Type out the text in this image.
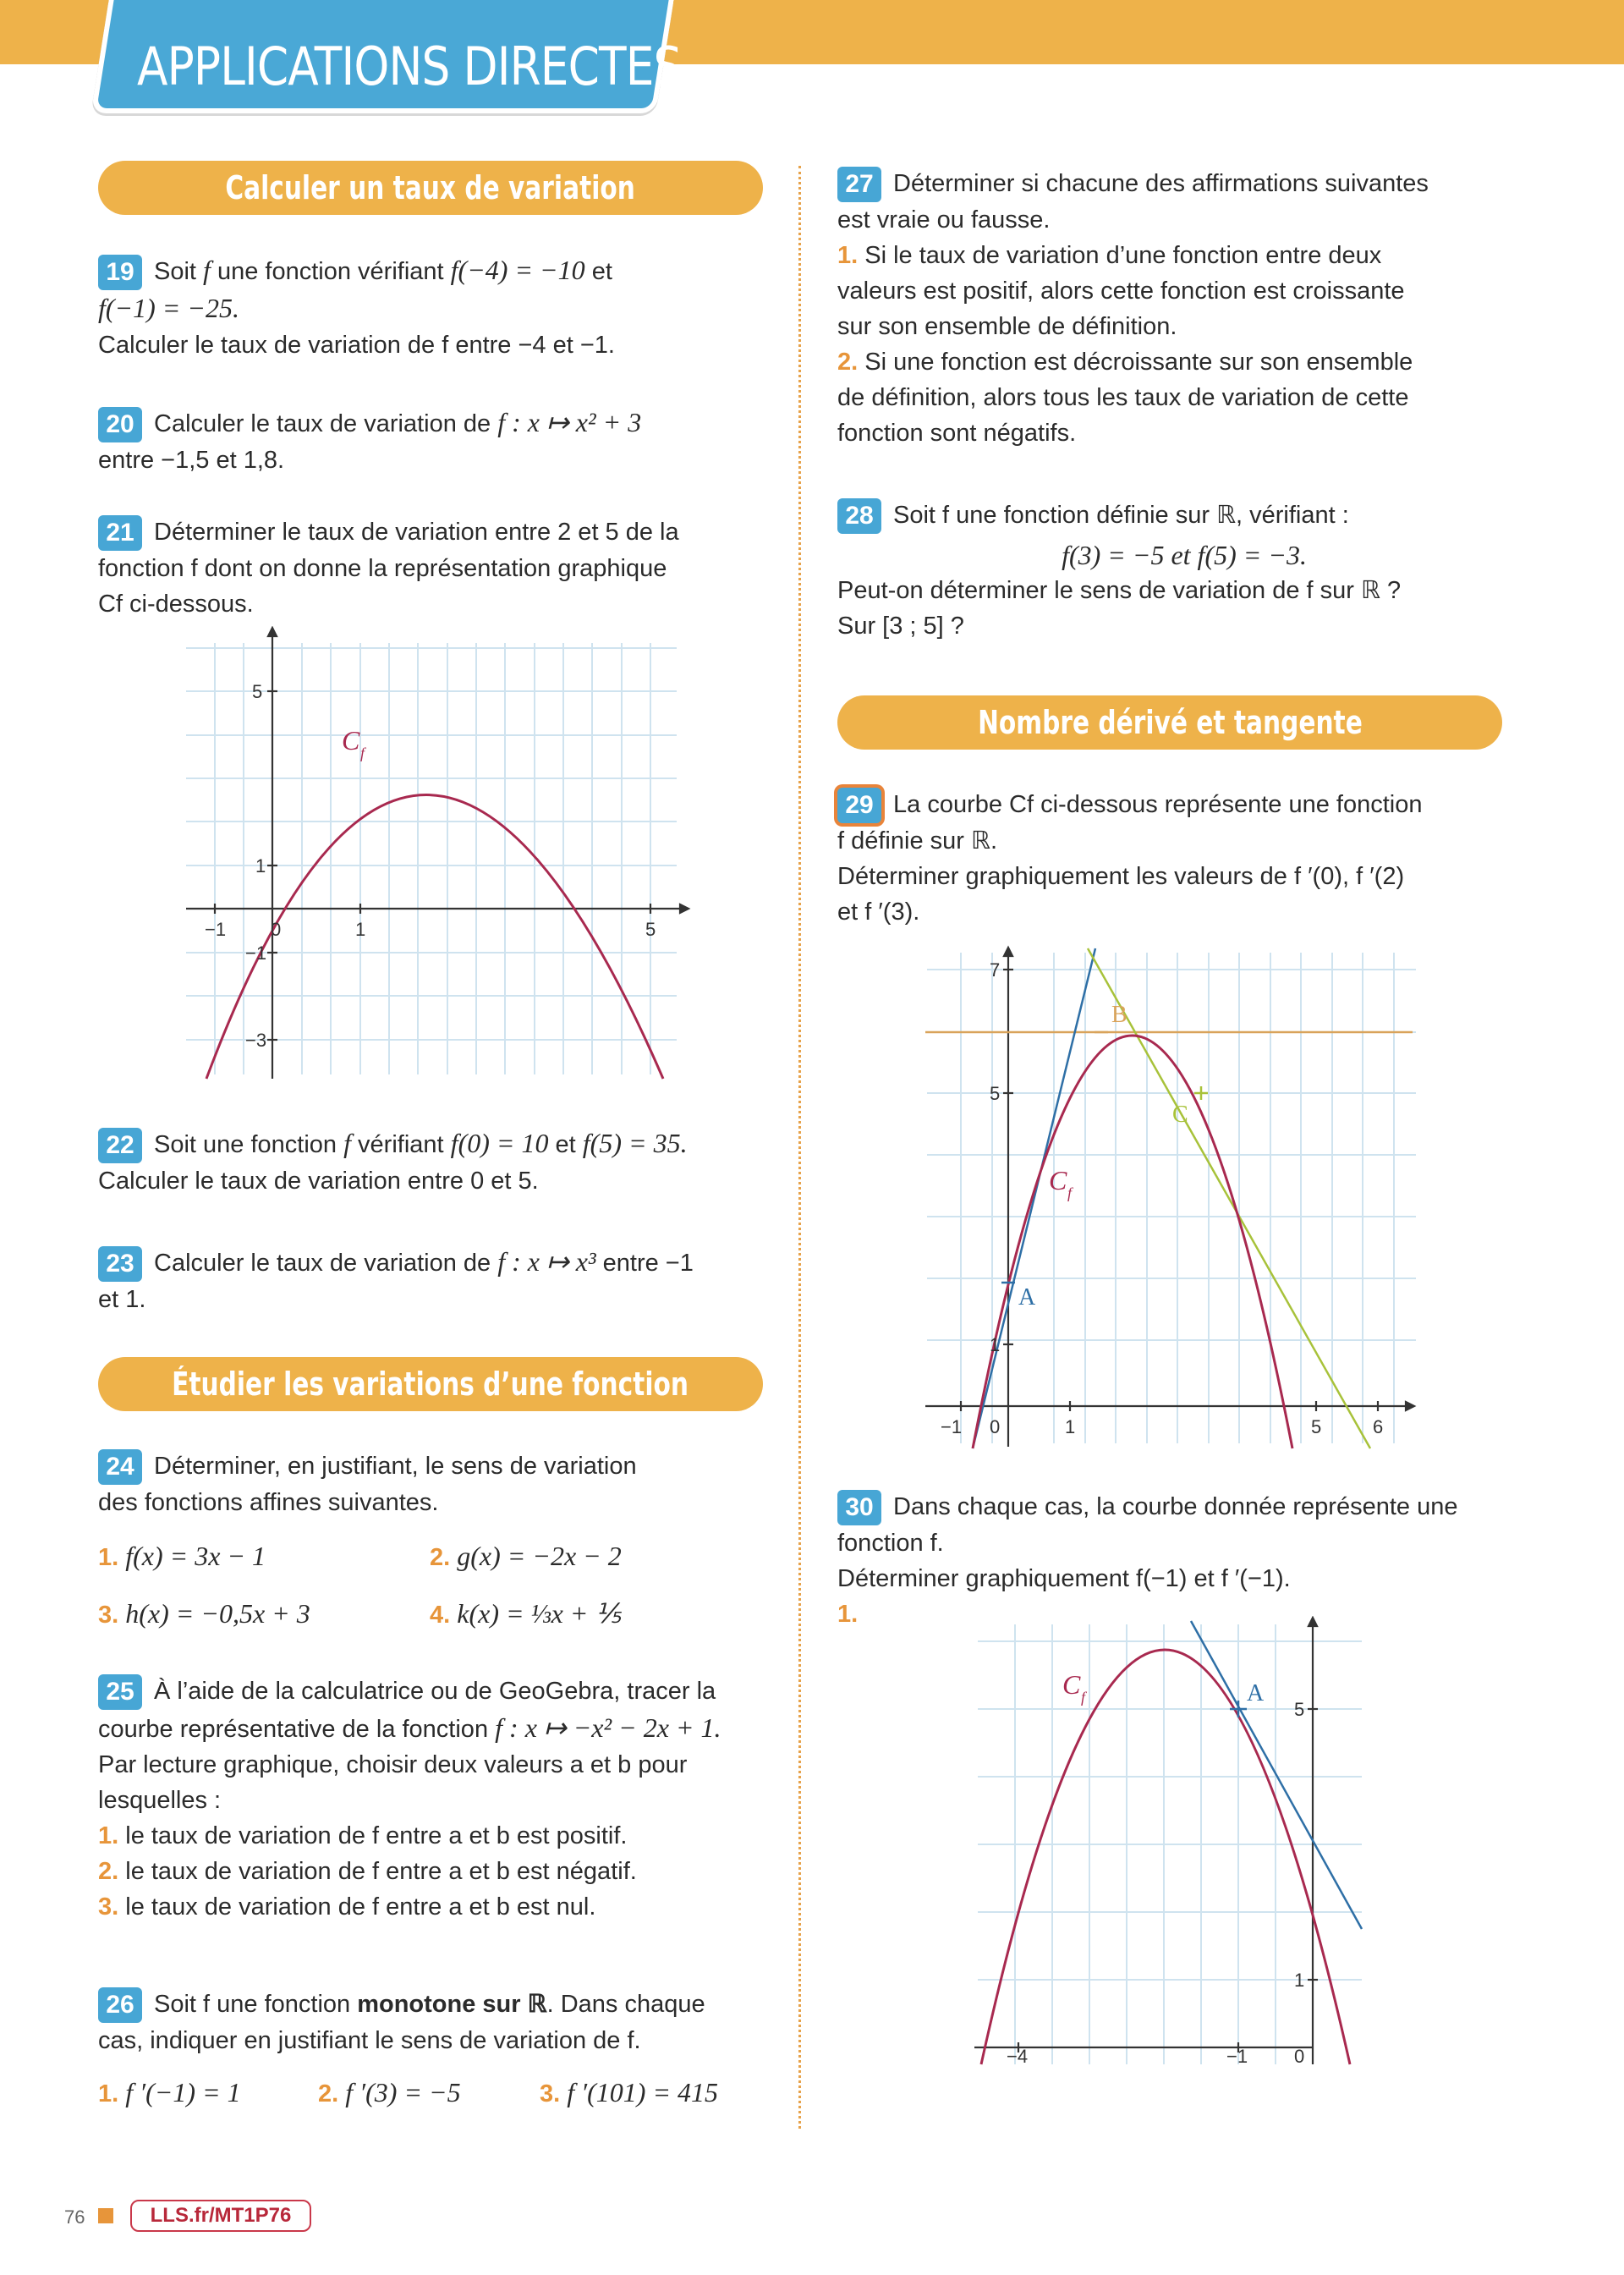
APPLICATIONS DIRECTES
Calculer un taux de variation
Étudier les variations d’une fonction
Nombre dérivé et tangente

19 Soit f une fonction vérifiant f(−4) = −10 et

f(−1) = −25.

Calculer le taux de variation de f entre −4 et −1.

20 Calculer le taux de variation de f : x ↦ x² + 3

entre −1,5 et 1,8.

21 Déterminer le taux de variation entre 2 et 5 de la

fonction f dont on donne la représentation graphique

Cf ci-dessous.

−1 0	1	5
5
1
−1
−3
C f

22 Soit une fonction f vérifiant f(0) = 10 et f(5) = 35.

Calculer le taux de variation entre 0 et 5.

23 Calculer le taux de variation de f : x ↦ x³ entre −1

et 1.

24 Déterminer, en justifiant, le sens de variation

des fonctions affines suivantes.

1. f(x) = 3x − 1	2. g(x) = −2x − 2
3. h(x) = −0,5x + 3	4. k(x) = ⅓x + ⅕

25 À l’aide de la calculatrice ou de GeoGebra, tracer la

courbe représentative de la fonction f : x ↦ −x² − 2x + 1.

Par lecture graphique, choisir deux valeurs a et b pour

lesquelles :

1. le taux de variation de f entre a et b est positif.

2. le taux de variation de f entre a et b est négatif.

3. le taux de variation de f entre a et b est nul.

26 Soit f une fonction monotone sur ℝ. Dans chaque

cas, indiquer en justifiant le sens de variation de f.

1. f ′(−1) = 1	2. f ′(3) = −5	3. f ′(101) = 415

27 Déterminer si chacune des affirmations suivantes

est vraie ou fausse.

1. Si le taux de variation d’une fonction entre deux

valeurs est positif, alors cette fonction est croissante

sur son ensemble de définition.

2. Si une fonction est décroissante sur son ensemble

de définition, alors tous les taux de variation de cette

fonction sont négatifs.

28 Soit f une fonction définie sur ℝ, vérifiant :

f(3) = −5 et f(5) = −3.

Peut-on déterminer le sens de variation de f sur ℝ ?

Sur [3 ; 5] ?

29 La courbe Cf ci-dessous représente une fonction

f définie sur ℝ.

Déterminer graphiquement les valeurs de f ′(0), f ′(2)

et f ′(3).

−1 0	1	5	6
7
5
1
A
B
C
C f

30 Dans chaque cas, la courbe donnée représente une

fonction f.

Déterminer graphiquement f(−1) et f ′(−1).

1.

−4	−1 0
5
1
A
C f
76	LLS.fr/MT1P76
